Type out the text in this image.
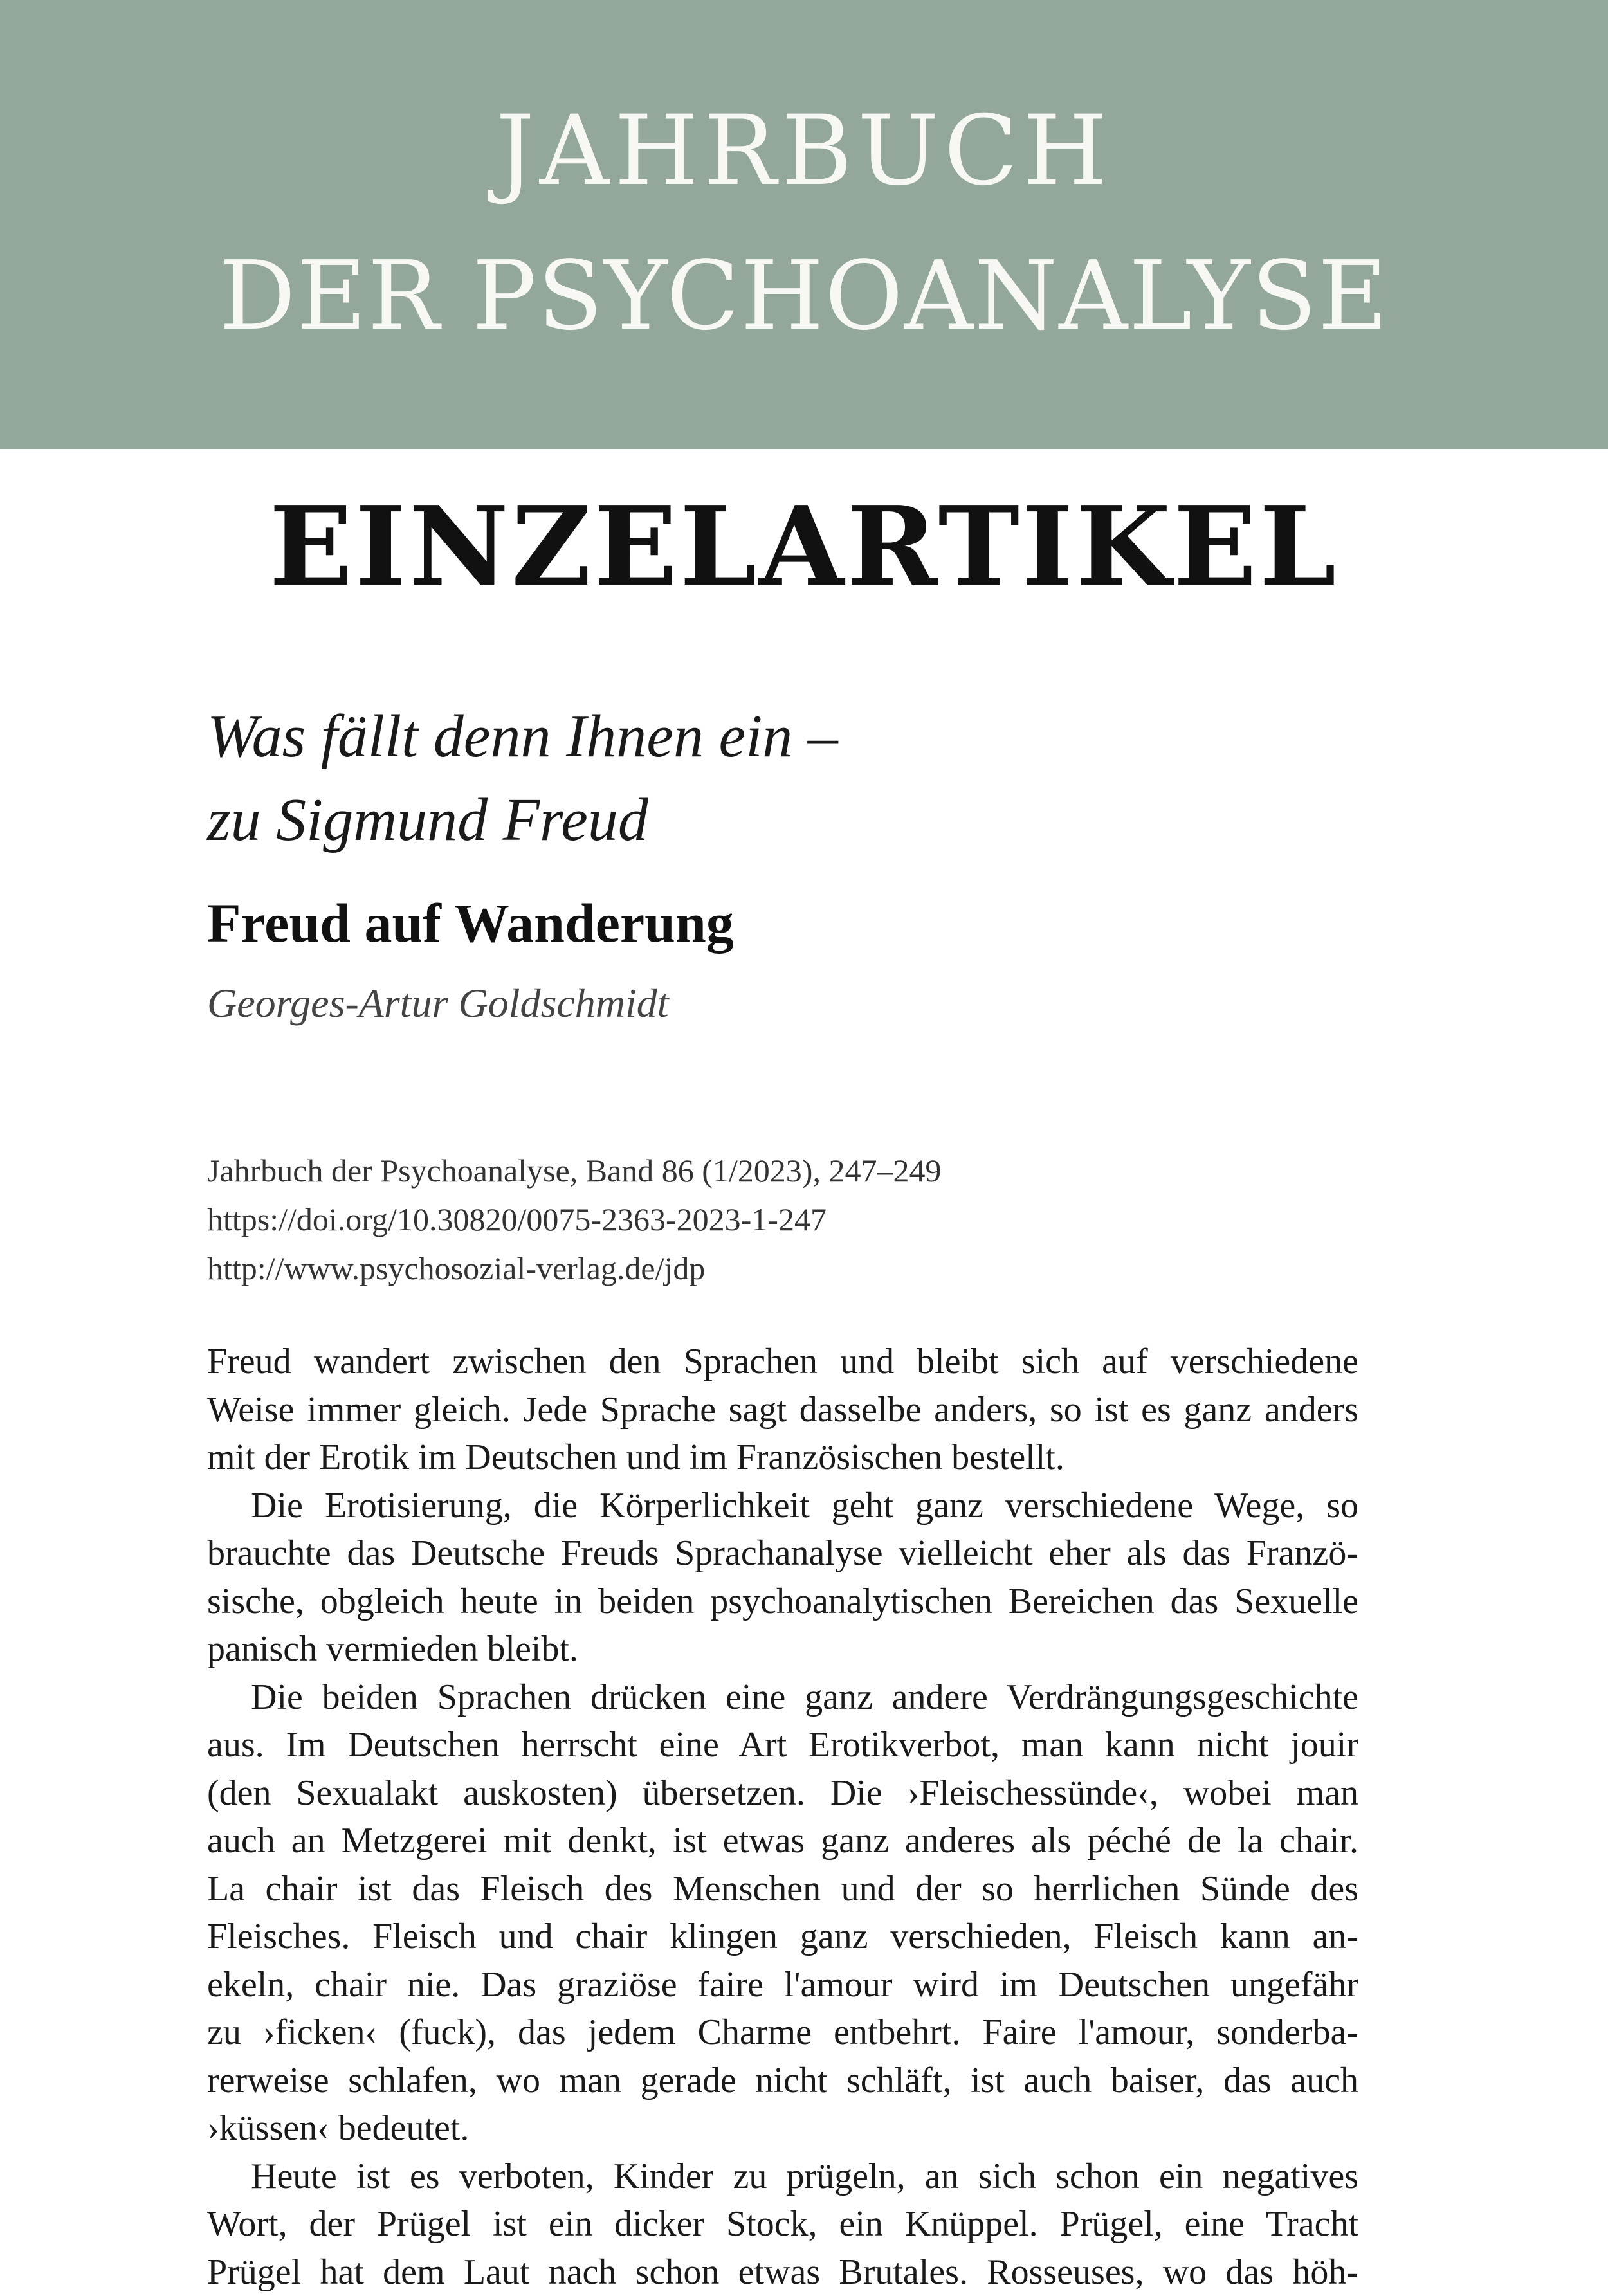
JAHRBUCH
DER PSYCHOANALYSE
EINZELARTIKEL
Was fällt denn Ihnen ein –
zu Sigmund Freud
Freud auf Wanderung
Georges-Artur Goldschmidt
Jahrbuch der Psychoanalyse, Band 86 (1/2023), 247–249
https://doi.org/10.30820/0075-2363-2023-1-247
http://www.psychosozial-verlag.de/jdp
Freud wandert zwischen den Sprachen und bleibt sich auf verschiedene
Weise immer gleich. Jede Sprache sagt dasselbe anders, so ist es ganz anders
mit der Erotik im Deutschen und im Französischen bestellt.
Die Erotisierung, die Körperlichkeit geht ganz verschiedene Wege, so
brauchte das Deutsche Freuds Sprachanalyse vielleicht eher als das Franzö-
sische, obgleich heute in beiden psychoanalytischen Bereichen das Sexuelle
panisch vermieden bleibt.
Die beiden Sprachen drücken eine ganz andere Verdrängungsgeschichte
aus. Im Deutschen herrscht eine Art Erotikverbot, man kann nicht jouir
(den Sexualakt auskosten) übersetzen. Die ›Fleischessünde‹, wobei man
auch an Metzgerei mit denkt, ist etwas ganz anderes als péché de la chair.
La chair ist das Fleisch des Menschen und der so herrlichen Sünde des
Fleisches. Fleisch und chair klingen ganz verschieden, Fleisch kann an-
ekeln, chair nie. Das graziöse faire l'amour wird im Deutschen ungefähr
zu ›ficken‹ (fuck), das jedem Charme entbehrt. Faire l'amour, sonderba-
rerweise schlafen, wo man gerade nicht schläft, ist auch baiser, das auch
›küssen‹ bedeutet.
Heute ist es verboten, Kinder zu prügeln, an sich schon ein negatives
Wort, der Prügel ist ein dicker Stock, ein Knüppel. Prügel, eine Tracht
Prügel hat dem Laut nach schon etwas Brutales. Rosseuses, wo das höh-
